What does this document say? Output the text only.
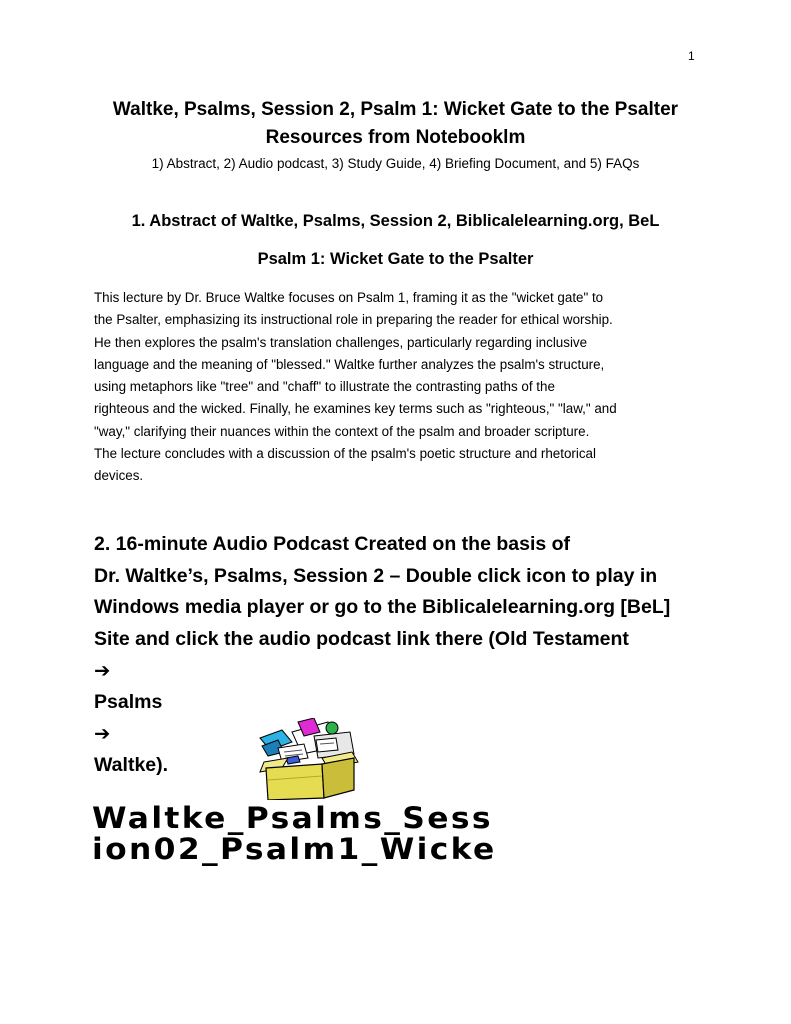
1
Waltke, Psalms, Session 2, Psalm 1: Wicket Gate to the Psalter
Resources from Notebooklm
1) Abstract, 2) Audio podcast, 3) Study Guide, 4) Briefing Document, and 5) FAQs
1. Abstract of Waltke, Psalms, Session 2, Biblicalelearning.org, BeL
Psalm 1: Wicket Gate to the Psalter
This lecture by Dr. Bruce Waltke focuses on Psalm 1, framing it as the "wicket gate" to
the Psalter, emphasizing its instructional role in preparing the reader for ethical worship.
He then explores the psalm's translation challenges, particularly regarding inclusive
language and the meaning of "blessed." Waltke further analyzes the psalm's structure,
using metaphors like "tree" and "chaff" to illustrate the contrasting paths of the
righteous and the wicked. Finally, he examines key terms such as "righteous," "law," and
"way," clarifying their nuances within the context of the psalm and broader scripture.
The lecture concludes with a discussion of the psalm's poetic structure and rhetorical
devices.
2. 16-minute Audio Podcast Created on the basis of
Dr. Waltke’s, Psalms, Session 2 – Double click icon to play in
Windows media player or go to the Biblicalelearning.org [BeL]
Site and click the audio podcast link there (Old Testament
➔
Psalms
➔
Waltke).
Waltke_Psalms_Sess
ion02_Psalm1_Wicke
